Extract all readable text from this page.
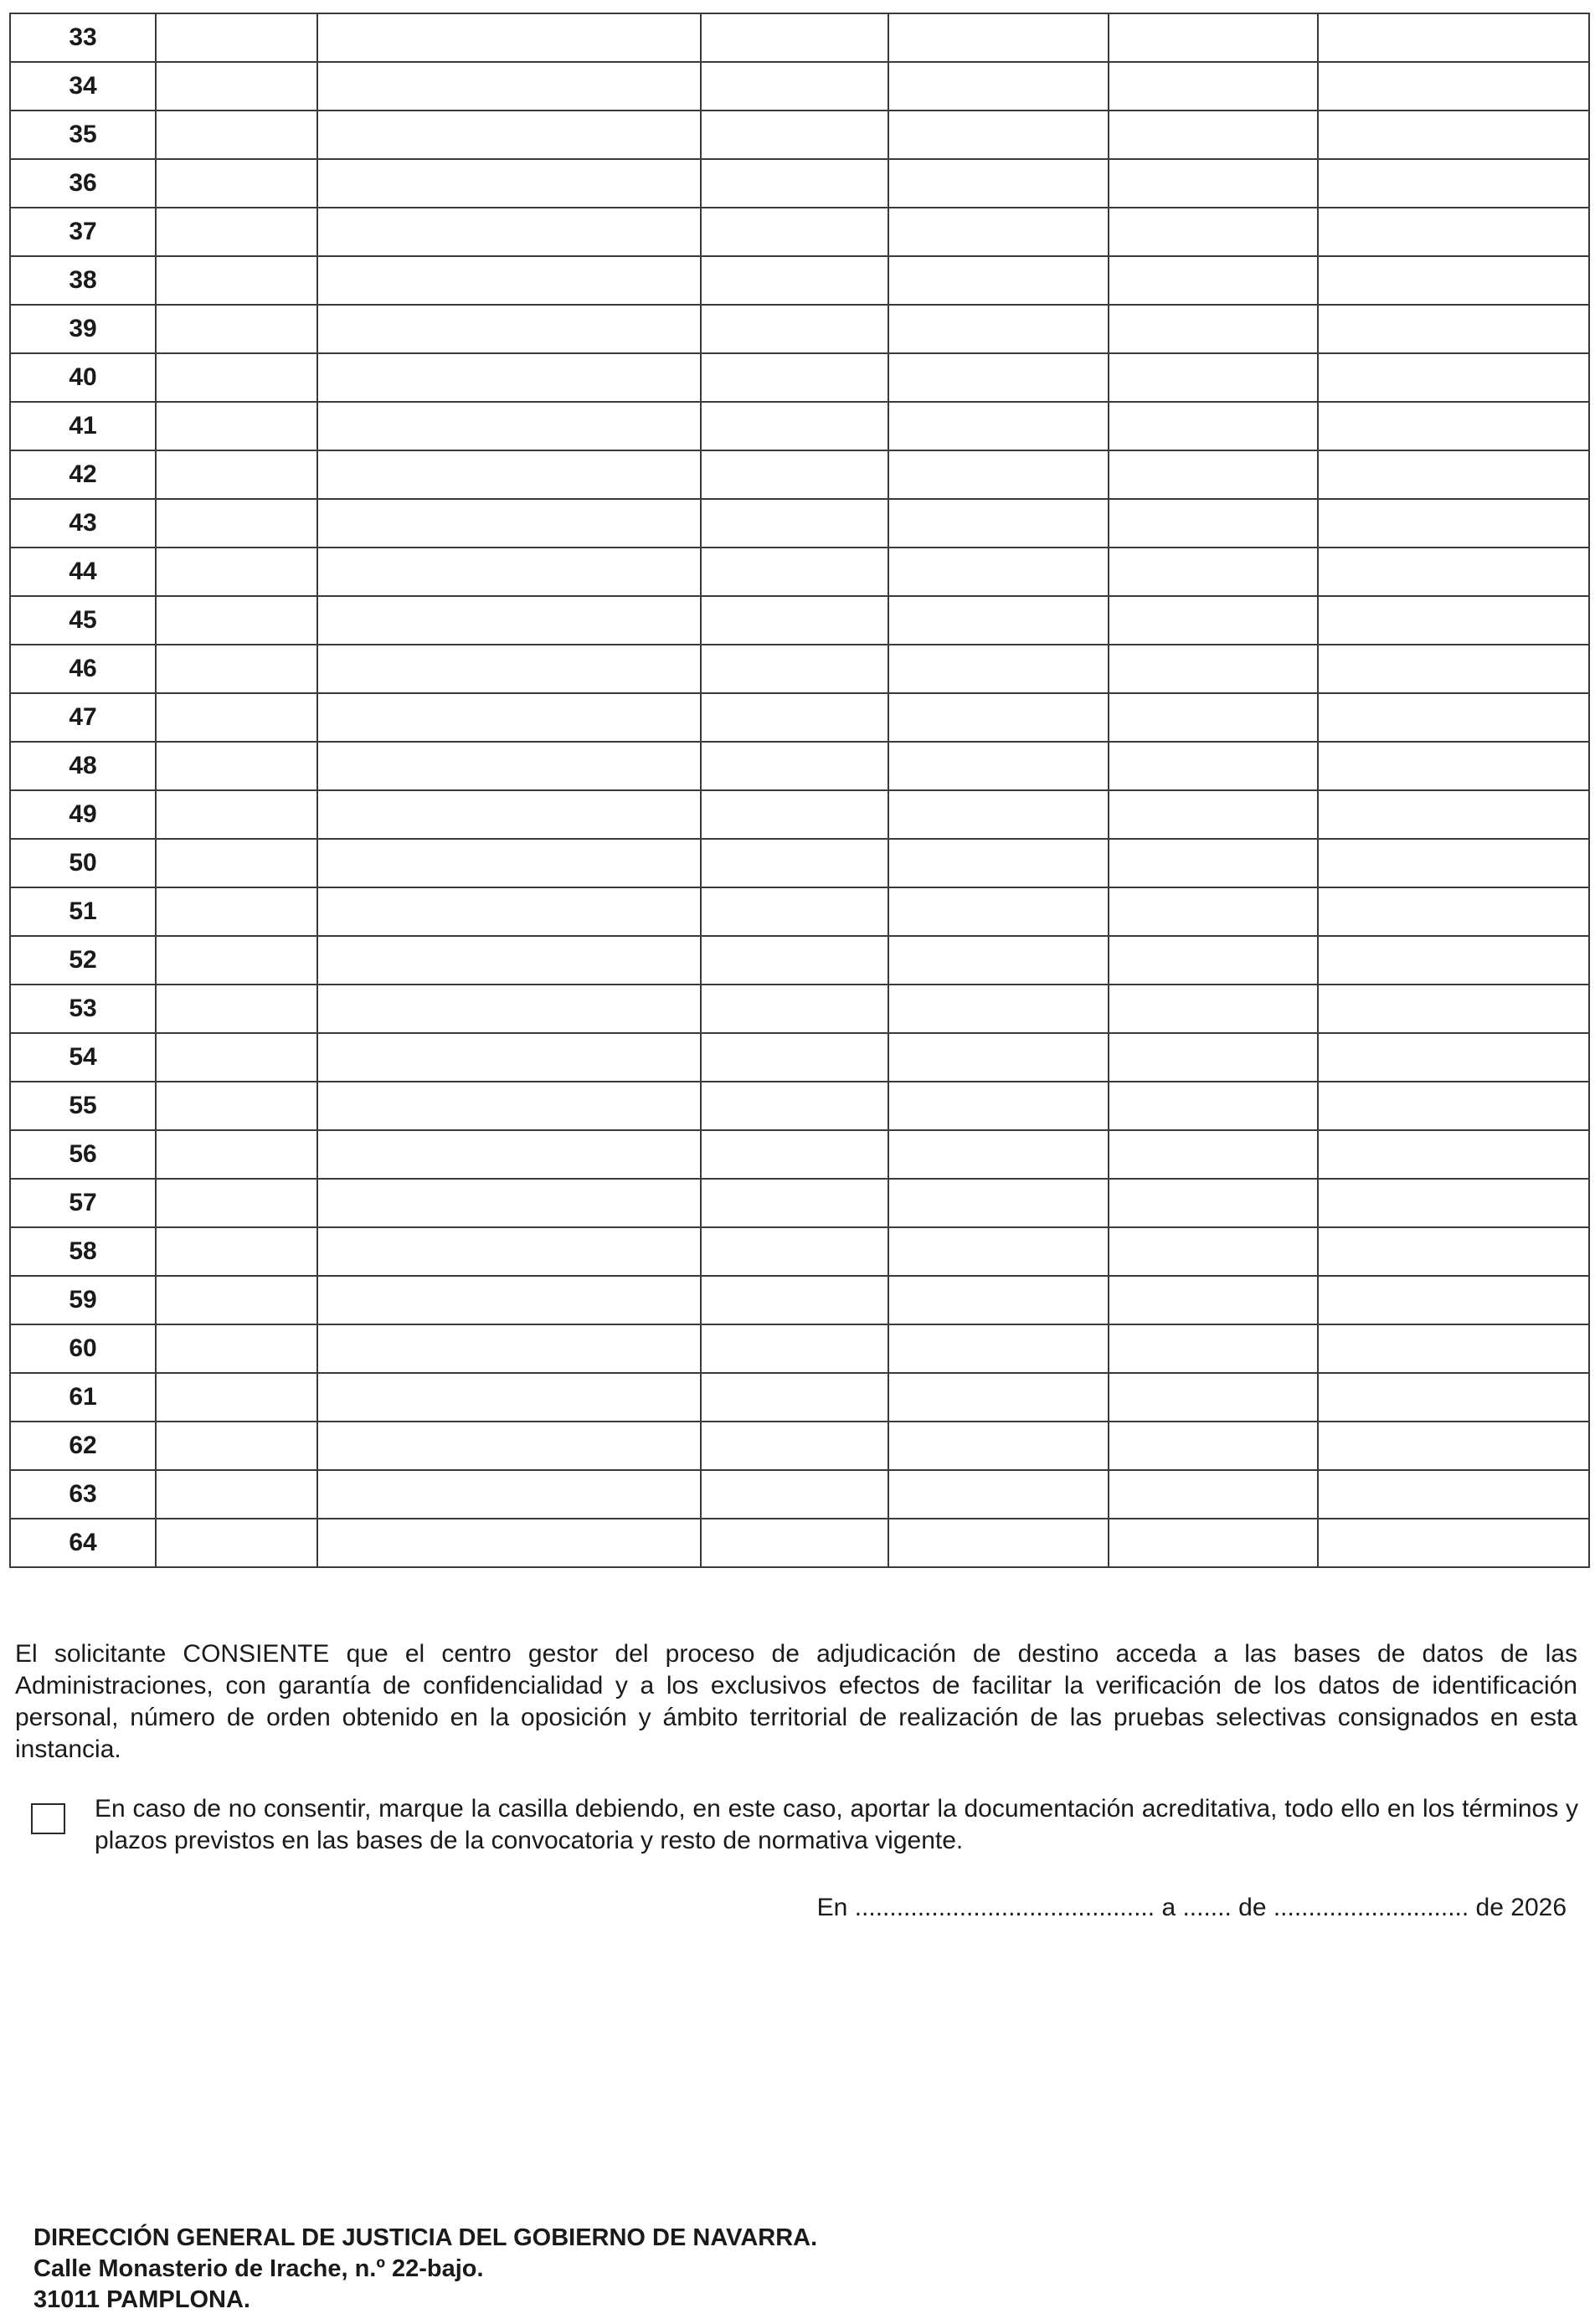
33						
34						
35						
36						
37						
38						
39						
40						
41						
42						
43						
44						
45						
46						
47						
48						
49						
50						
51						
52						
53						
54						
55						
56						
57						
58						
59						
60						
61						
62						
63						
64						

El solicitante CONSIENTE que el centro gestor del proceso de adjudicación de destino acceda a las bases de datos de las Administraciones, con garantía de confidencialidad y a los exclusivos efectos de facilitar la verificación de los datos de identificación personal, número de orden obtenido en la oposición y ámbito territorial de realización de las pruebas selectivas consignados en esta instancia.

En caso de no consentir, marque la casilla debiendo, en este caso, aportar la documentación acreditativa, todo ello en los términos y plazos previstos en las bases de la convocatoria y resto de normativa vigente.

En ........................................... a ....... de ............................ de 2026

DIRECCIÓN GENERAL DE JUSTICIA DEL GOBIERNO DE NAVARRA.
Calle Monasterio de Irache, n.º 22-bajo.
31011 PAMPLONA.
